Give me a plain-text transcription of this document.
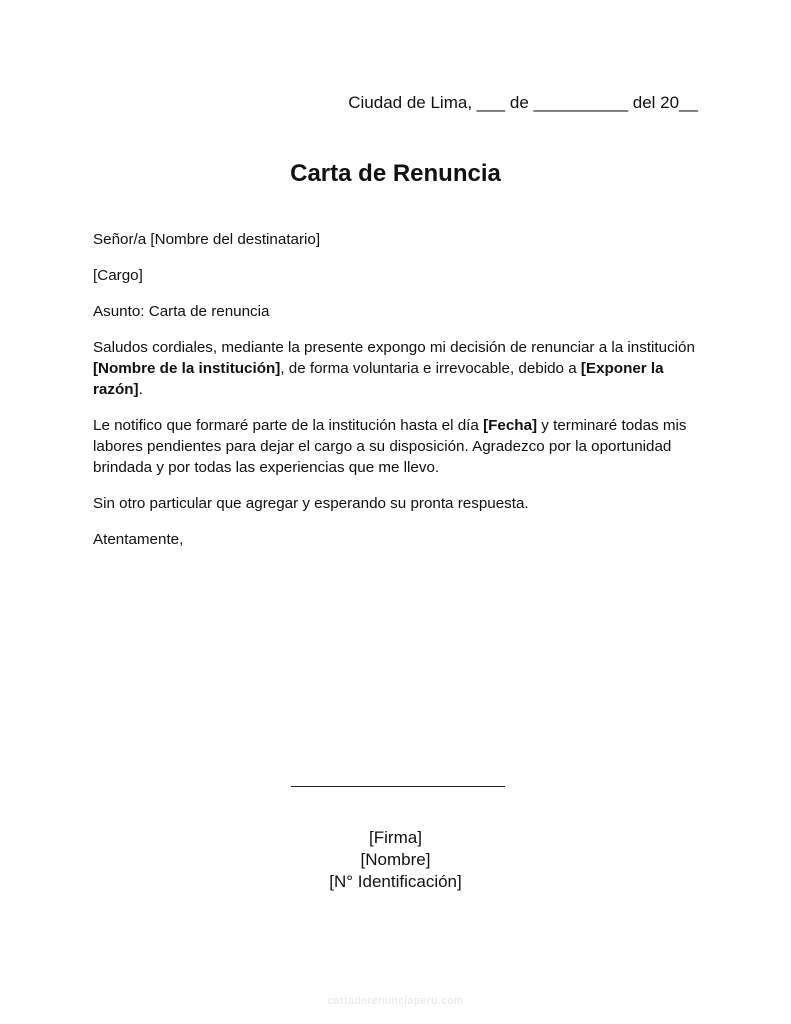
Ciudad de Lima, ___ de __________ del 20__
Carta de Renuncia

Señor/a [Nombre del destinatario]

[Cargo]

Asunto: Carta de renuncia

Saludos cordiales, mediante la presente expongo mi decisión de renunciar a la institución [Nombre de la institución], de forma voluntaria e irrevocable, debido a [Exponer la razón].

Le notifico que formaré parte de la institución hasta el día [Fecha] y terminaré todas mis labores pendientes para dejar el cargo a su disposición. Agradezco por la oportunidad brindada y por todas las experiencias que me llevo.

Sin otro particular que agregar y esperando su pronta respuesta.

Atentamente,

[Firma]
[Nombre]
[N° Identificación]
cartaderenunciaperu.com
